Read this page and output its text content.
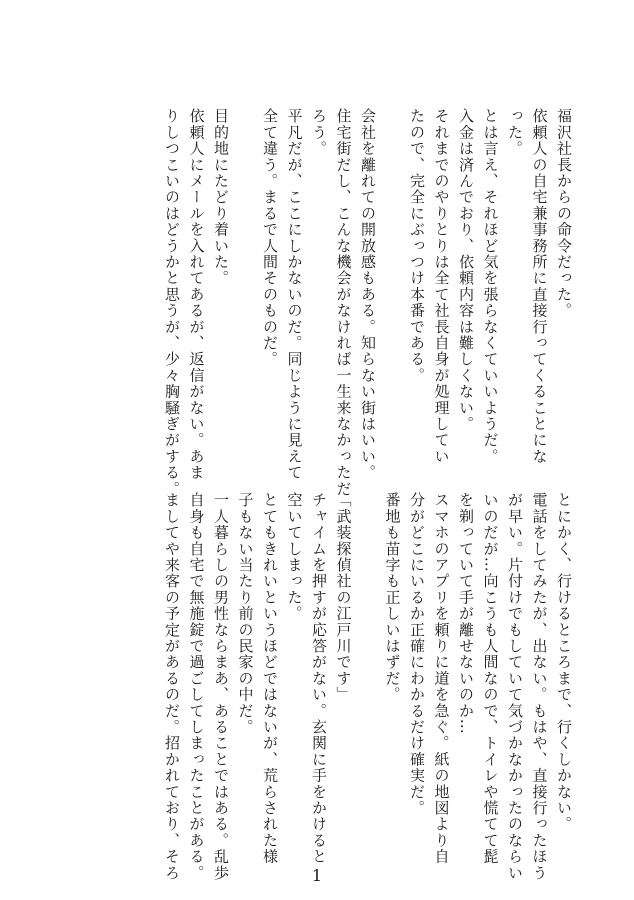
福沢社長からの命令だった。
依頼人の自宅兼事務所に直接行ってくることにな
った。
とは言え、それほど気を張らなくていいようだ。
入金は済んでおり、依頼内容は難しくない。
それまでのやりとりは全て社長自身が処理してい
たので、完全にぶっつけ本番である。
会社を離れての開放感もある。知らない街はいい。
住宅街だし、こんな機会がなければ一生来なかっただ
ろう。
平凡だが、ここにしかないのだ。同じように見えて
全て違う。まるで人間そのものだ。
目的地にたどり着いた。
依頼人にメールを入れてあるが、返信がない。あま
りしつこいのはどうかと思うが、少々胸騒ぎがする。
とにかく、行けるところまで、行くしかない。
電話をしてみたが、出ない。もはや、直接行ったほう
が早い。片付けでもしていて気づかなかったのならい
いのだが…向こうも人間なので、トイレや慌てて髭
を剃っていて手が離せないのか…
スマホのアプリを頼りに道を急ぐ。紙の地図より自
分がどこにいるか正確にわかるだけ確実だ。
番地も苗字も正しいはずだ。
「武装探偵社の江戸川です」
チャイムを押すが応答がない。玄関に手をかけると
空いてしまった。
とてもきれいというほどではないが、荒らされた様
子もない当たり前の民家の中だ。
一人暮らしの男性ならまあ、あることではある。乱歩
自身も自宅で無施錠で過ごしてしまったことがある。
ましてや来客の予定があるのだ。招かれており、そろ	1
